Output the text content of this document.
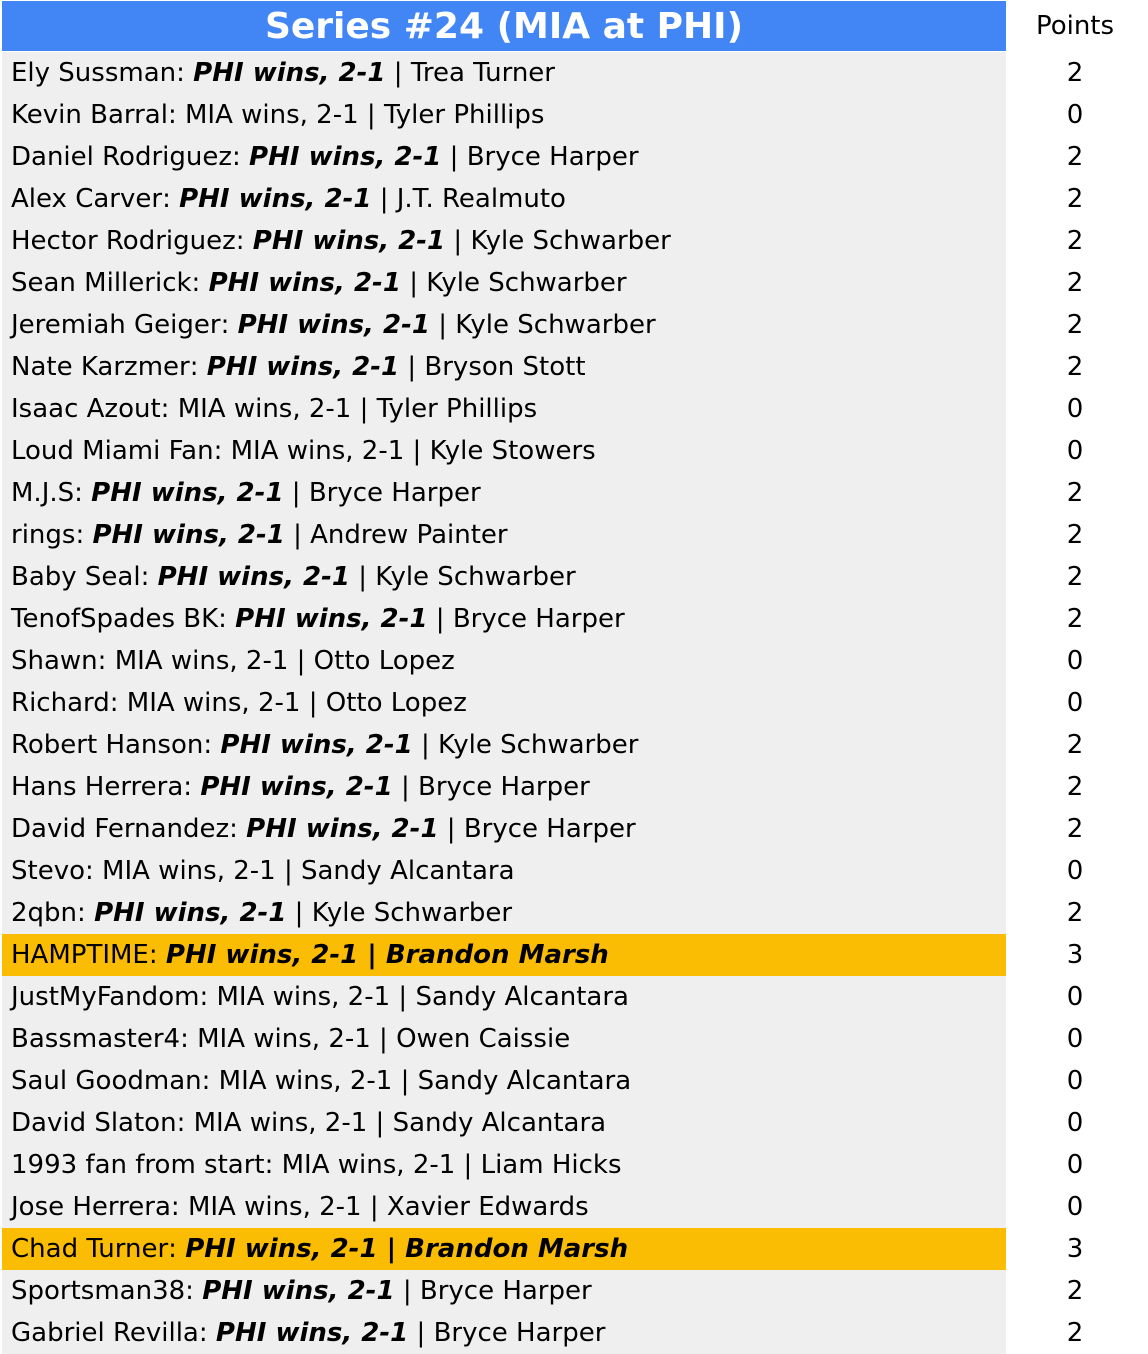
Series #24 (MIA at PHI)	Points
Ely Sussman : PHI wins, 2-1 | Trea Turner	2
Kevin Barral : MIA wins, 2-1 | Tyler Phillips	0
Daniel Rodriguez : PHI wins, 2-1 | Bryce Harper	2
Alex Carver : PHI wins, 2-1 | J.T. Realmuto	2
Hector Rodriguez : PHI wins, 2-1 | Kyle Schwarber	2
Sean Millerick : PHI wins, 2-1 | Kyle Schwarber	2
Jeremiah Geiger : PHI wins, 2-1 | Kyle Schwarber	2
Nate Karzmer : PHI wins, 2-1 | Bryson Stott	2
Isaac Azout : MIA wins, 2-1 | Tyler Phillips	0
Loud Miami Fan : MIA wins, 2-1 | Kyle Stowers	0
M.J.S : PHI wins, 2-1 | Bryce Harper	2
rings : PHI wins, 2-1 | Andrew Painter	2
Baby Seal : PHI wins, 2-1 | Kyle Schwarber	2
TenofSpades BK : PHI wins, 2-1 | Bryce Harper	2
Shawn : MIA wins, 2-1 | Otto Lopez	0
Richard : MIA wins, 2-1 | Otto Lopez	0
Robert Hanson : PHI wins, 2-1 | Kyle Schwarber	2
Hans Herrera : PHI wins, 2-1 | Bryce Harper	2
David Fernandez : PHI wins, 2-1 | Bryce Harper	2
Stevo : MIA wins, 2-1 | Sandy Alcantara	0
2qbn : PHI wins, 2-1 | Kyle Schwarber	2
HAMPTIME : PHI wins, 2-1 | Brandon Marsh	3
JustMyFandom : MIA wins, 2-1 | Sandy Alcantara	0
Bassmaster4 : MIA wins, 2-1 | Owen Caissie	0
Saul Goodman : MIA wins, 2-1 | Sandy Alcantara	0
David Slaton : MIA wins, 2-1 | Sandy Alcantara	0
1993 fan from start : MIA wins, 2-1 | Liam Hicks	0
Jose Herrera : MIA wins, 2-1 | Xavier Edwards	0
Chad Turner : PHI wins, 2-1 | Brandon Marsh	3
Sportsman38 : PHI wins, 2-1 | Bryce Harper	2
Gabriel Revilla : PHI wins, 2-1 | Bryce Harper	2
